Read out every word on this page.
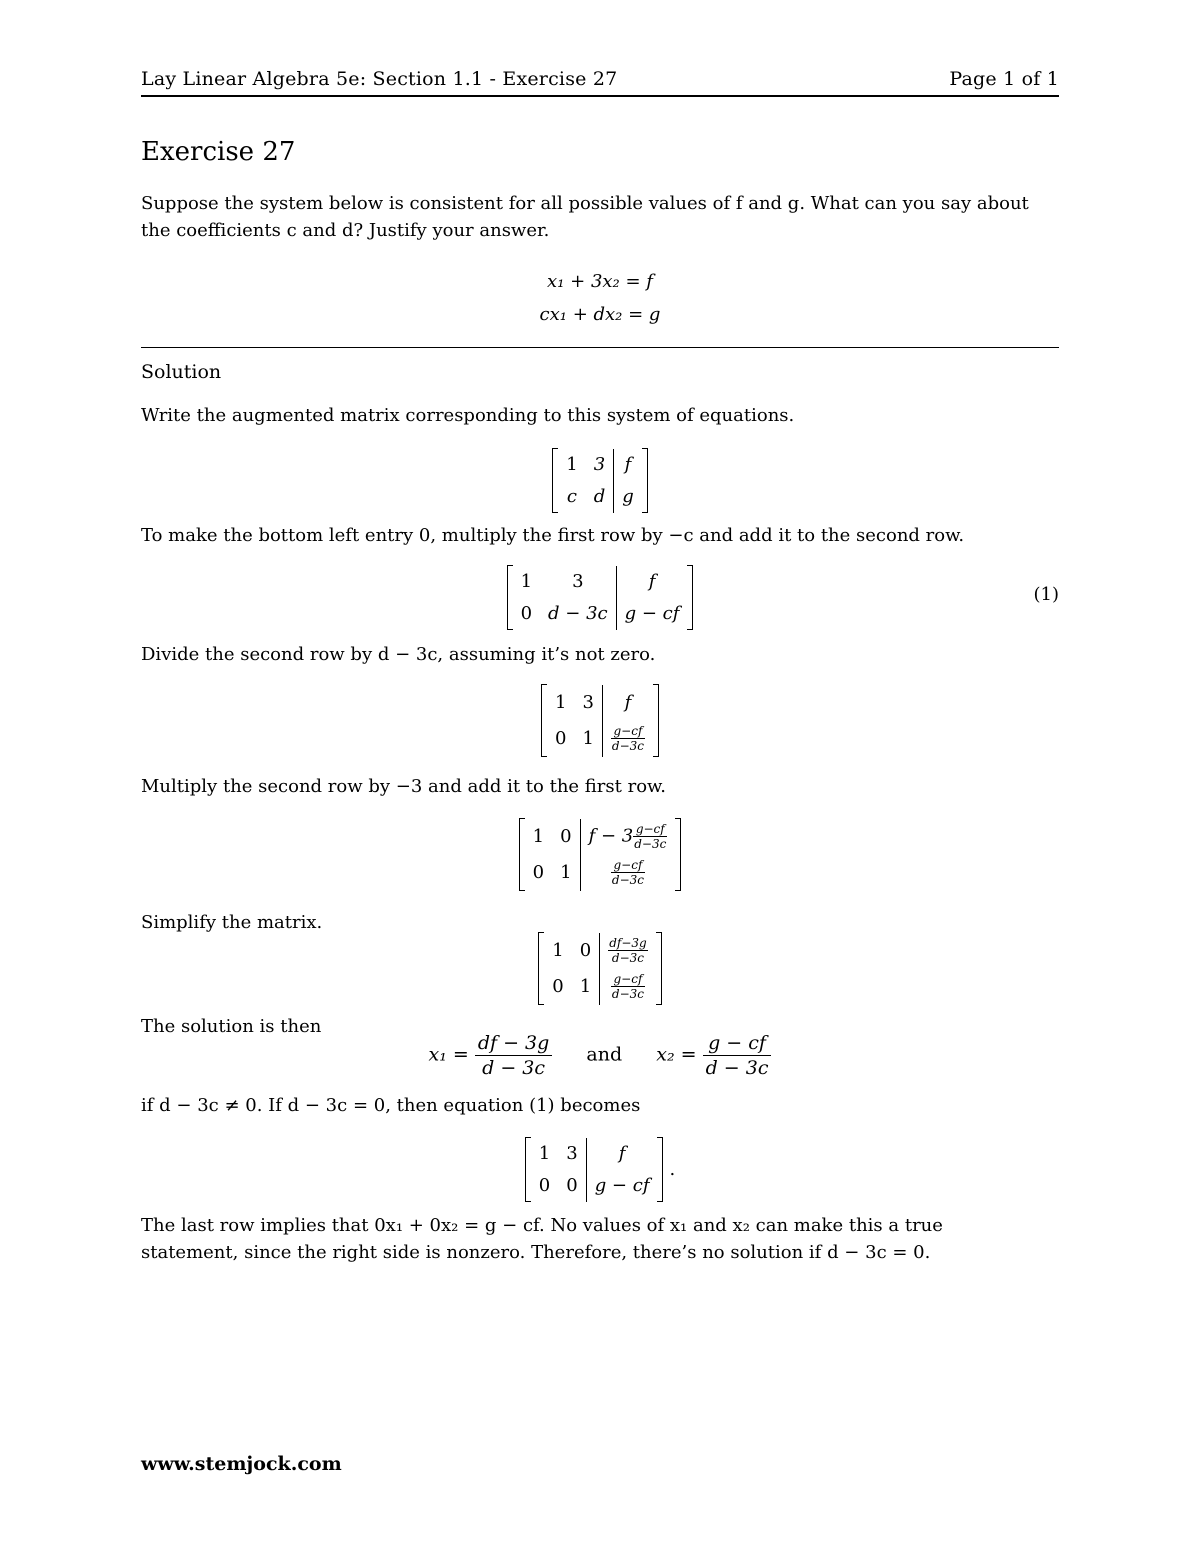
Lay Linear Algebra 5e: Section 1.1 - Exercise 27	Page 1 of 1
Exercise 27
Suppose the system below is consistent for all possible values of f and g. What can you say about
the coefficients c and d? Justify your answer.
x₁ + 3x₂ = f
cx₁ + dx₂ = g
Solution
Write the augmented matrix corresponding to this system of equations.
	1	3		f	
	c	d	g	
To make the bottom left entry 0, multiply the first row by −c and add it to the second row.
	1	3		f	
	0	d − 3c	g − cf	
(1)
Divide the second row by d − 3c, assuming it’s not zero.
	1	3		f	
	0	1	$\frac{g-cf}{d-3c}$
Multiply the second row by −3 and add it to the first row.
	1	0		$f - 3 \frac{g-cf}{d-3c}$

	0	1	$\frac{g-cf}{d-3c}$
Simplify the matrix.
	1	0		$\frac{df-3g}{d-3c}$

	0	1	$\frac{g-cf}{d-3c}$
The solution is then
$x_1 = \frac{df - 3g}{d - 3c}$ and $x_2 = \frac{g - cf}{d - 3c}$
if d − 3c ≠ 0. If d − 3c = 0, then equation (1) becomes
	1	3		f	
	0	0	g − cf	.
The last row implies that 0x₁ + 0x₂ = g − cf. No values of x₁ and x₂ can make this a true
statement, since the right side is nonzero. Therefore, there’s no solution if d − 3c = 0.
www.stemjock.com
